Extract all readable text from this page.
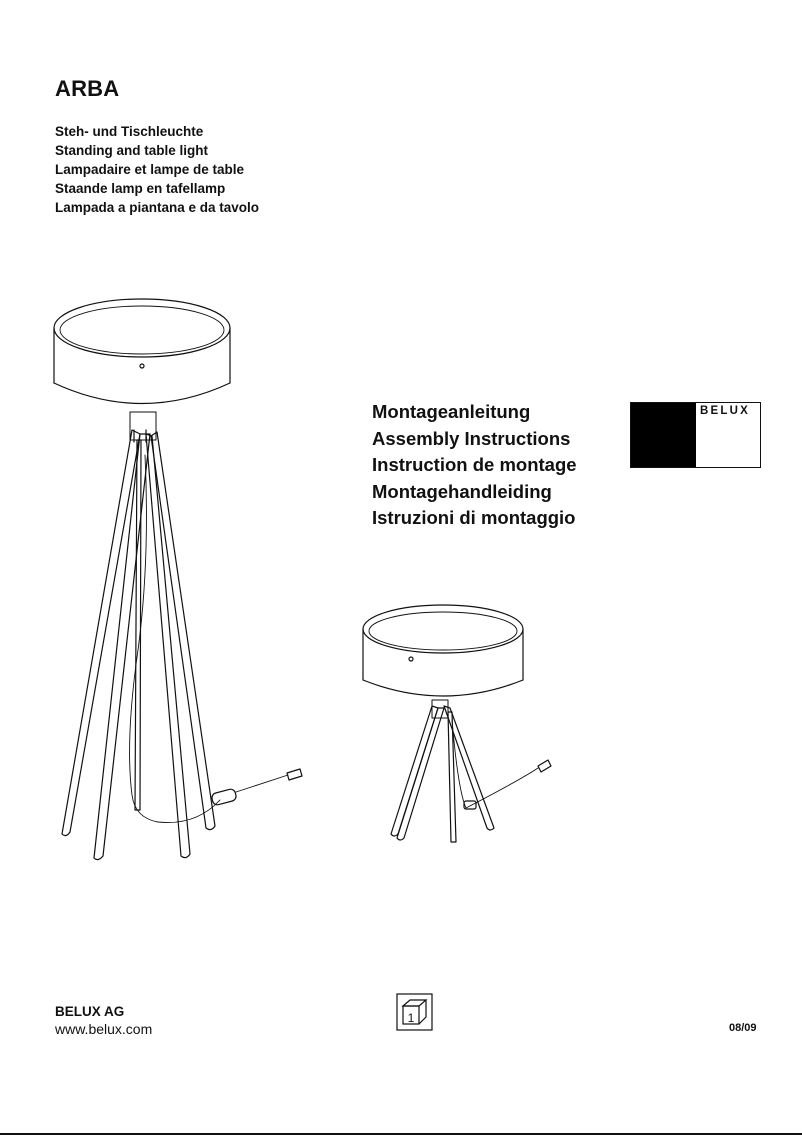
ARBA
Steh- und Tischleuchte
Standing and table light
Lampadaire et lampe de table
Staande lamp en tafellamp
Lampada a piantana e da tavolo
Montageanleitung
Assembly Instructions
Instruction de montage
Montagehandleiding
Istruzioni di montaggio
BELUX
1
BELUX AG
www.belux.com	08/09
